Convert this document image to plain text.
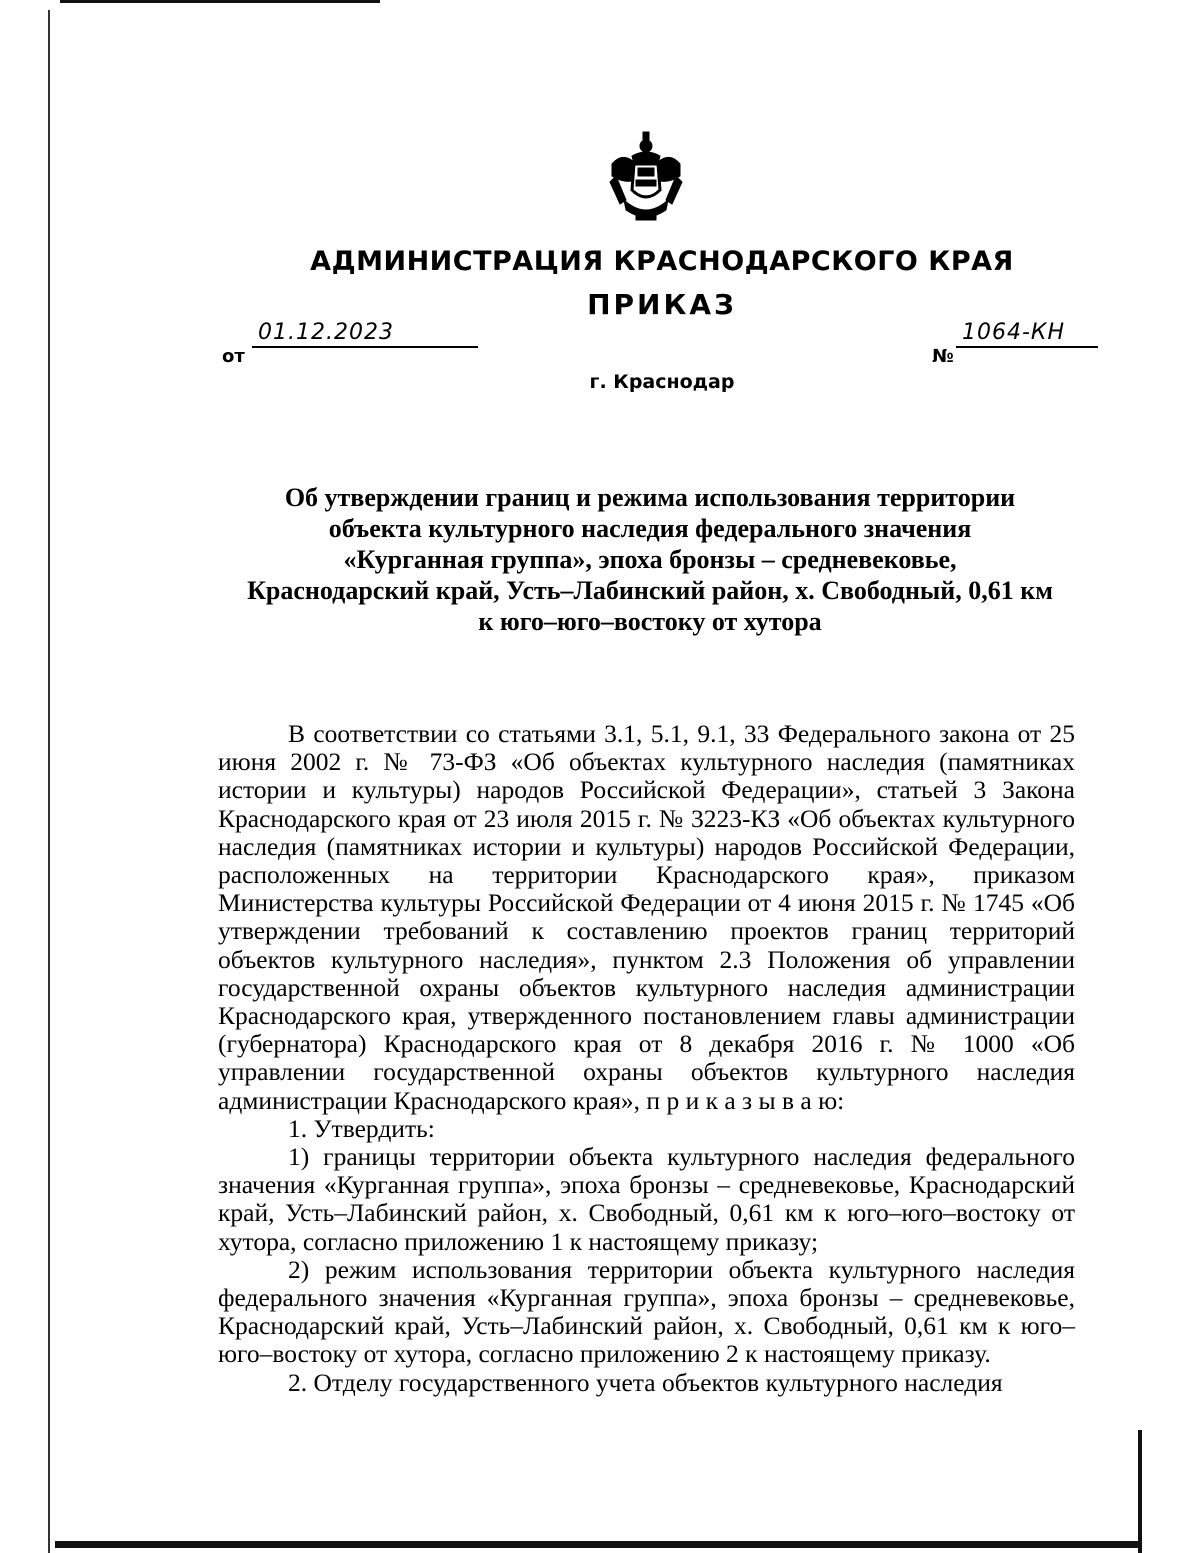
АДМИНИСТРАЦИЯ КРАСНОДАРСКОГО КРАЯ
ПРИКАЗ
от
01.12.2023
№
1064-КН
г. Краснодар
Об утверждении границ и режима использования территории
объекта культурного наследия федерального значения
«Курганная группа», эпоха бронзы – средневековье,
Краснодарский край, Усть–Лабинский район, х. Свободный, 0,61 км
к юго–юго–востоку от хутора

В соответствии со статьями 3.1, 5.1, 9.1, 33 Федерального закона от 25 июня 2002 г. № 73-ФЗ «Об объектах культурного наследия (памятниках истории и культуры) народов Российской Федерации», статьей 3 Закона Краснодарского края от 23 июля 2015 г. № 3223-КЗ «Об объектах культурного наследия (памятниках истории и культуры) народов Российской Федерации, расположенных на территории Краснодарского края», приказом Министерства культуры Российской Федерации от 4 июня 2015 г. № 1745 «Об утверждении требований к составлению проектов границ территорий объектов культурного наследия», пунктом 2.3 Положения об управлении государственной охраны объектов культурного наследия администрации Краснодарского края, утвержденного постановлением главы администрации (губернатора) Краснодарского края от 8 декабря 2016 г. № 1000 «Об управлении государственной охраны объектов культурного наследия администрации Краснодарского края», п р и к а з ы в а ю:

1. Утвердить:

1) границы территории объекта культурного наследия федерального значения «Курганная группа», эпоха бронзы – средневековье, Краснодарский край, Усть–Лабинский район, х. Свободный, 0,61 км к юго–юго–востоку от хутора, согласно приложению 1 к настоящему приказу;

2) режим использования территории объекта культурного наследия федерального значения «Курганная группа», эпоха бронзы – средневековье, Краснодарский край, Усть–Лабинский район, х. Свободный, 0,61 км к юго–юго–востоку от хутора, согласно приложению 2 к настоящему приказу.

2. Отделу государственного учета объектов культурного наследия
